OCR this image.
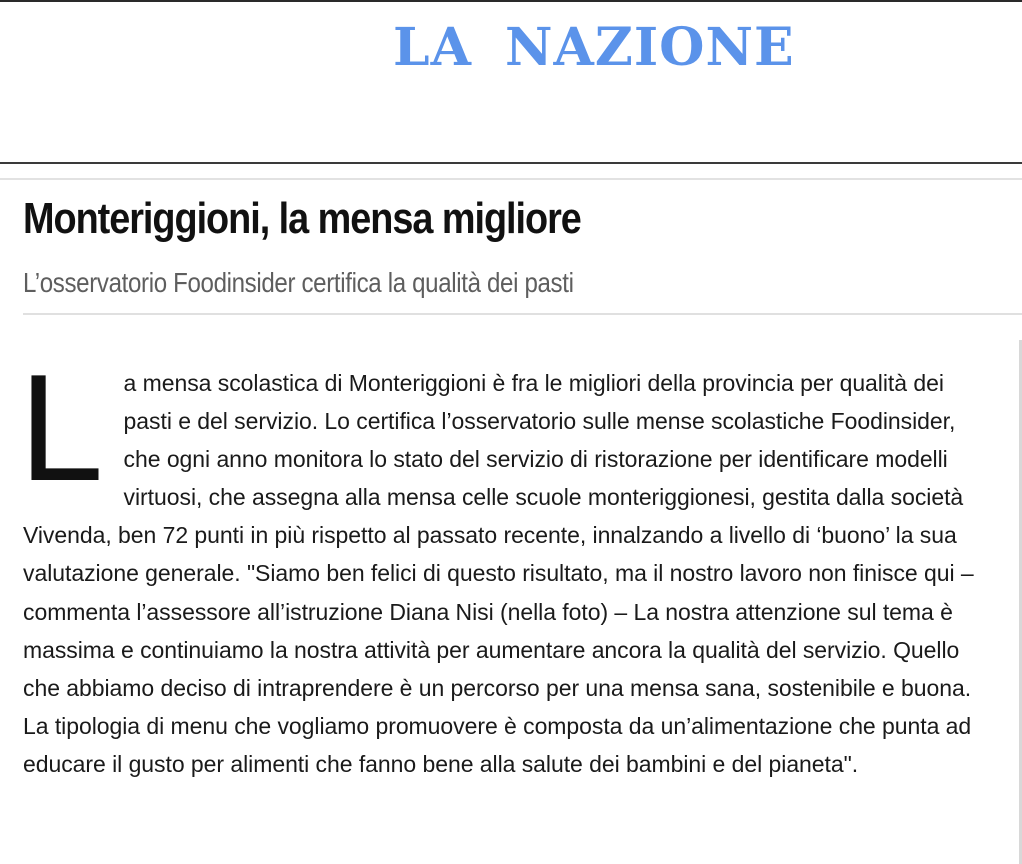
LA NAZIONE
Monteriggioni, la mensa migliore

L’osservatorio Foodinsider certifica la qualità dei pasti

La mensa scolastica di Monteriggioni è fra le migliori della provincia per qualità dei pasti e del servizio. Lo certifica l’osservatorio sulle mense scolastiche Foodinsider, che ogni anno monitora lo stato del servizio di ristorazione per identificare modelli virtuosi, che assegna alla mensa celle scuole monteriggionesi, gestita dalla società Vivenda, ben 72 punti in più rispetto al passato recente, innalzando a livello di ‘buono’ la sua valutazione generale. "Siamo ben felici di questo risultato, ma il nostro lavoro non finisce qui – commenta l’assessore all’istruzione Diana Nisi (nella foto) – La nostra attenzione sul tema è massima e continuiamo la nostra attività per aumentare ancora la qualità del servizio. Quello che abbiamo deciso di intraprendere è un percorso per una mensa sana, sostenibile e buona. La tipologia di menu che vogliamo promuovere è composta da un’alimentazione che punta ad educare il gusto per alimenti che fanno bene alla salute dei bambini e del pianeta".
